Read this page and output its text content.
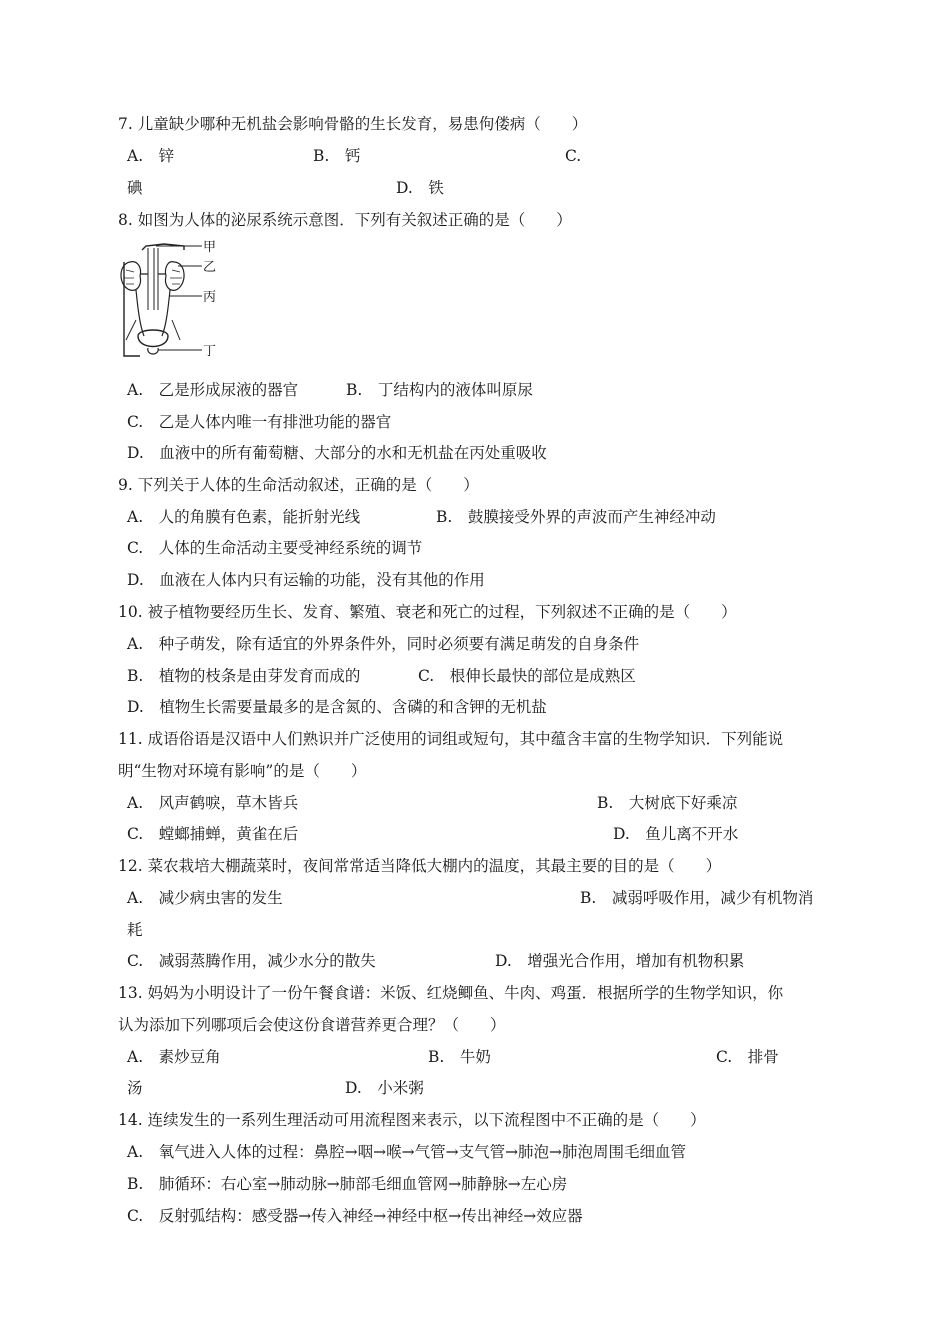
7. 儿童缺少哪种无机盐会影响骨骼的生长发育，易患佝偻病（　　）
A.　锌	B.　钙	C.
碘	D.　铁
8. 如图为人体的泌尿系统示意图．下列有关叙述正确的是（　　）
甲
乙
丙
丁
A.　乙是形成尿液的器官	B.　丁结构内的液体叫原尿
C.　乙是人体内唯一有排泄功能的器官
D.　血液中的所有葡萄糖、大部分的水和无机盐在丙处重吸收
9. 下列关于人体的生命活动叙述，正确的是（　　）
A.　人的角膜有色素，能折射光线	B.　鼓膜接受外界的声波而产生神经冲动
C.　人体的生命活动主要受神经系统的调节
D.　血液在人体内只有运输的功能，没有其他的作用
10. 被子植物要经历生长、发育、繁殖、衰老和死亡的过程，下列叙述不正确的是（　　）
A.　种子萌发，除有适宜的外界条件外，同时必须要有满足萌发的自身条件
B.　植物的枝条是由芽发育而成的	C.　根伸长最快的部位是成熟区
D.　植物生长需要量最多的是含氮的、含磷的和含钾的无机盐
11. 成语俗语是汉语中人们熟识并广泛使用的词组或短句，其中蕴含丰富的生物学知识．下列能说
明“生物对环境有影响”的是（　　）
A.　风声鹤唳，草木皆兵	B.　大树底下好乘凉
C.　螳螂捕蝉，黄雀在后	D.　鱼儿离不开水
12. 菜农栽培大棚蔬菜时，夜间常常适当降低大棚内的温度，其最主要的目的是（　　）
A.　减少病虫害的发生	B.　减弱呼吸作用，减少有机物消
耗
C.　减弱蒸腾作用，减少水分的散失	D.　增强光合作用，增加有机物积累
13. 妈妈为小明设计了一份午餐食谱：米饭、红烧鲫鱼、牛肉、鸡蛋．根据所学的生物学知识，你
认为添加下列哪项后会使这份食谱营养更合理？（　　）
A.　素炒豆角	B.　牛奶	C.　排骨
汤	D.　小米粥
14. 连续发生的一系列生理活动可用流程图来表示，以下流程图中不正确的是（　　）
A.　氧气进入人体的过程：鼻腔→咽→喉→气管→支气管→肺泡→肺泡周围毛细血管
B.　肺循环：右心室→肺动脉→肺部毛细血管网→肺静脉→左心房
C.　反射弧结构：感受器→传入神经→神经中枢→传出神经→效应器
